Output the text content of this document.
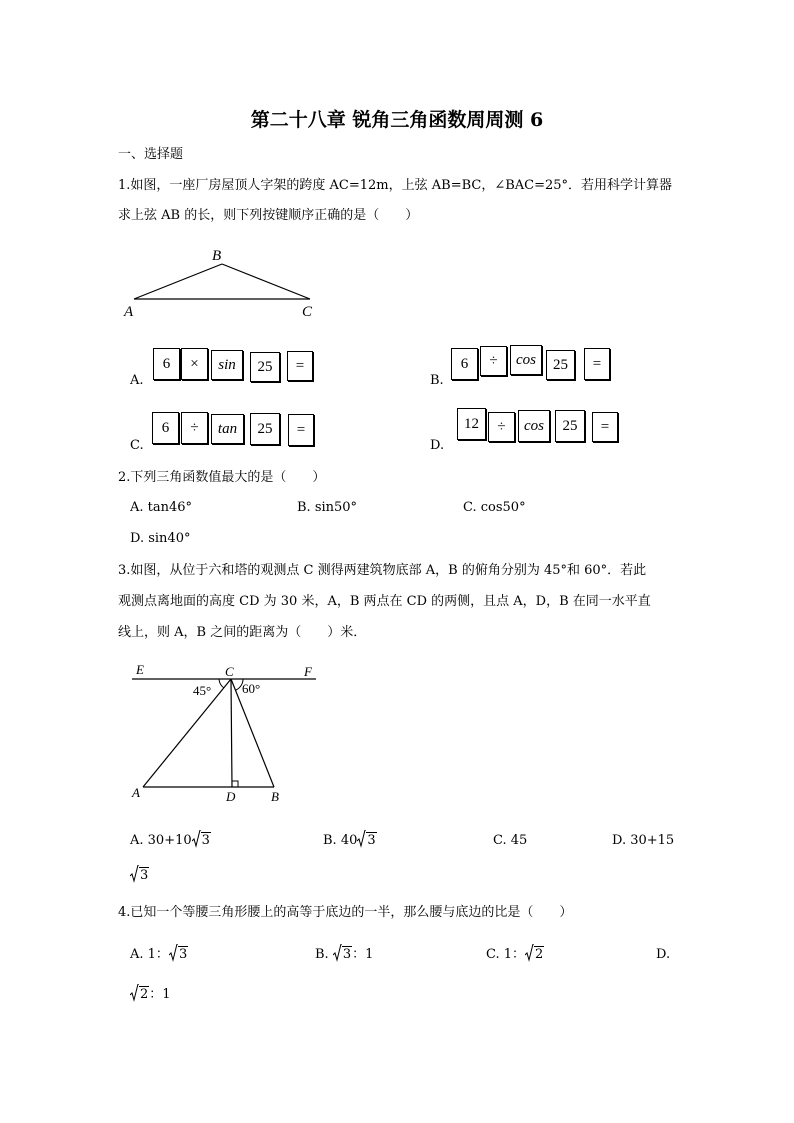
第二十八章 锐角三角函数周周测 6
一、选择题
1.如图，一座厂房屋顶人字架的跨度 AC=12m，上弦 AB=BC，∠BAC=25°．若用科学计算器
求上弦 AB 的长，则下列按键顺序正确的是（　　）
B
A	C
A.
6	×	sin	25	=
B.
6	÷	cos	25	=
C.
6	÷	tan	25	=
D.
12	÷	cos	25	=
2.下列三角函数值最大的是（　　）
A. tan46°	B. sin50°	C. cos50°
D. sin40°
3.如图，从位于六和塔的观测点 C 测得两建筑物底部 A，B 的俯角分别为 45°和 60°．若此
观测点离地面的高度 CD 为 30 米，A，B 两点在 CD 的两侧，且点 A，D，B 在同一水平直
线上，则 A，B 之间的距离为（　　）米．
E	C	F
45° 60°
A	D	B
A. 30+10 3	B. 40 3	C. 45	D. 30+15
3
4.已知一个等腰三角形腰上的高等于底边的一半，那么腰与底边的比是（　　）
A. 1： 3	B.
3：1	C. 1： 2	D.
2：1
